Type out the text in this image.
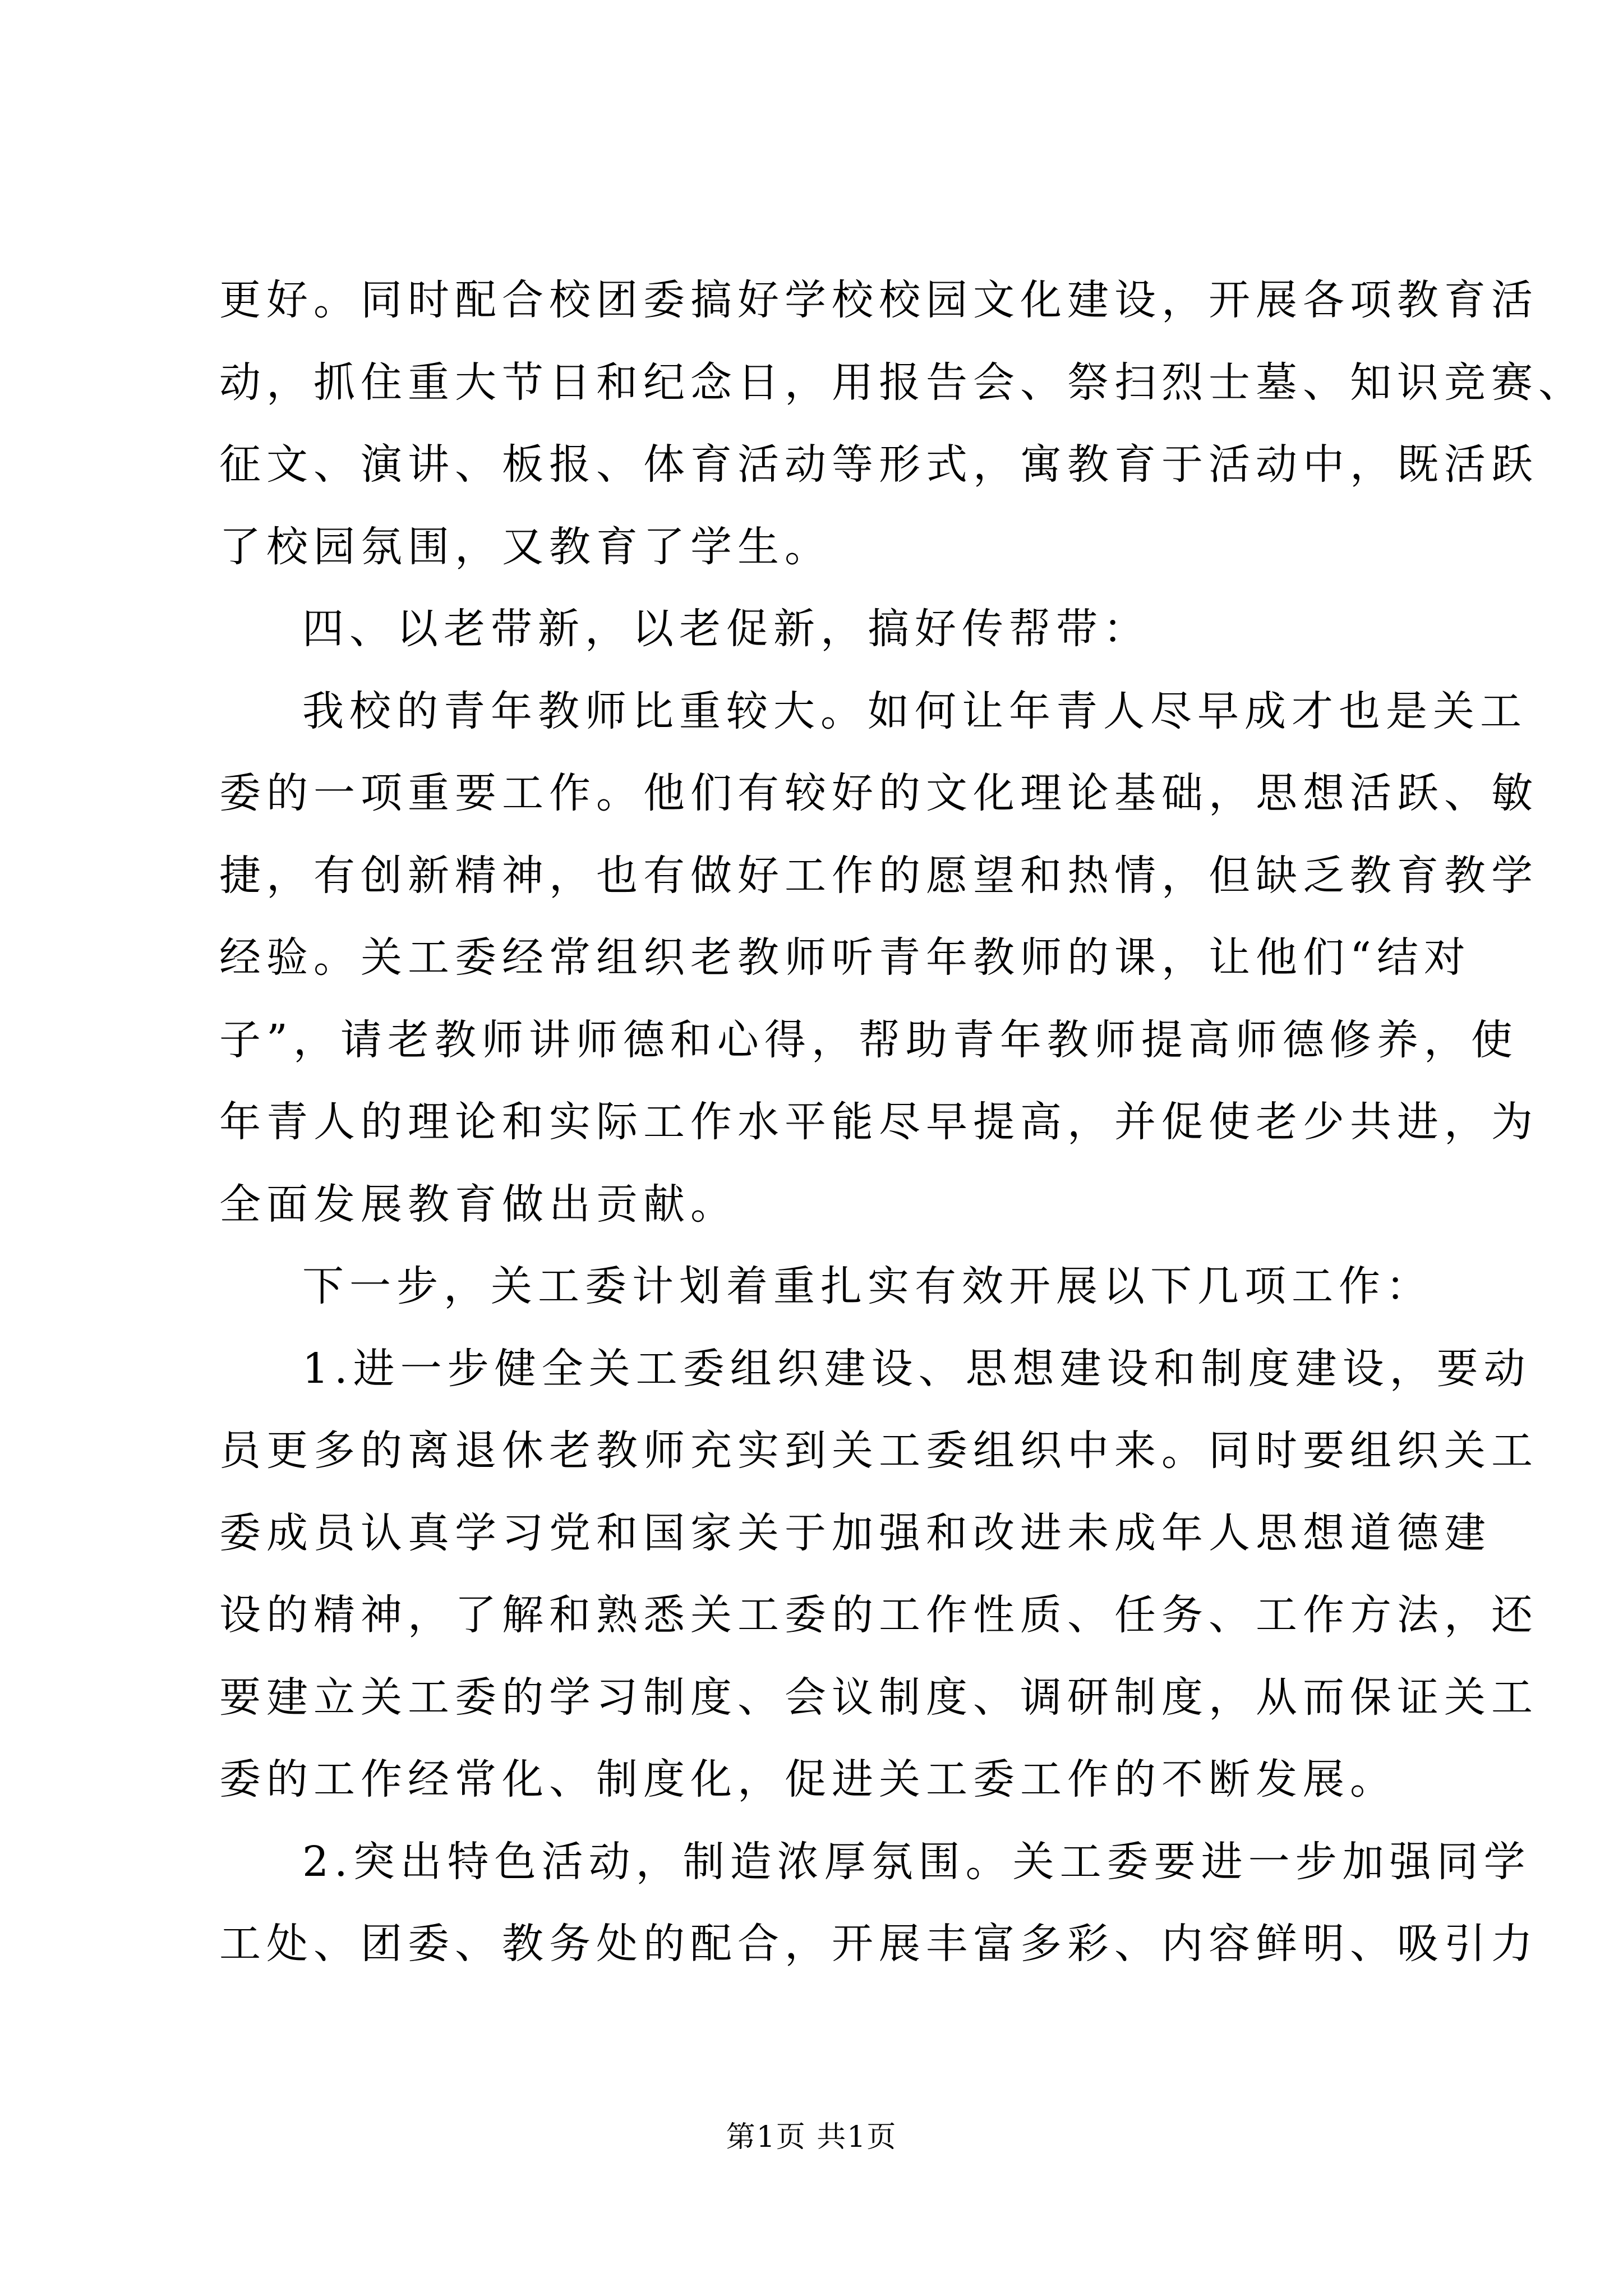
更好。同时配合校团委搞好学校校园文化建设，开展各项教育活
动，抓住重大节日和纪念日，用报告会、祭扫烈士墓、知识竞赛、
征文、演讲、板报、体育活动等形式，寓教育于活动中，既活跃
了校园氛围，又教育了学生。
四、以老带新，以老促新，搞好传帮带：
我校的青年教师比重较大。如何让年青人尽早成才也是关工
委的一项重要工作。他们有较好的文化理论基础，思想活跃、敏
捷，有创新精神，也有做好工作的愿望和热情，但缺乏教育教学
经验。关工委经常组织老教师听青年教师的课，让他们“结对
子”，请老教师讲师德和心得，帮助青年教师提高师德修养，使
年青人的理论和实际工作水平能尽早提高，并促使老少共进，为
全面发展教育做出贡献。
下一步，关工委计划着重扎实有效开展以下几项工作：
1.进一步健全关工委组织建设、思想建设和制度建设，要动
员更多的离退休老教师充实到关工委组织中来。同时要组织关工
委成员认真学习党和国家关于加强和改进未成年人思想道德建
设的精神，了解和熟悉关工委的工作性质、任务、工作方法，还
要建立关工委的学习制度、会议制度、调研制度，从而保证关工
委的工作经常化、制度化，促进关工委工作的不断发展。
2.突出特色活动，制造浓厚氛围。关工委要进一步加强同学
工处、团委、教务处的配合，开展丰富多彩、内容鲜明、吸引力
第1页 共1页
